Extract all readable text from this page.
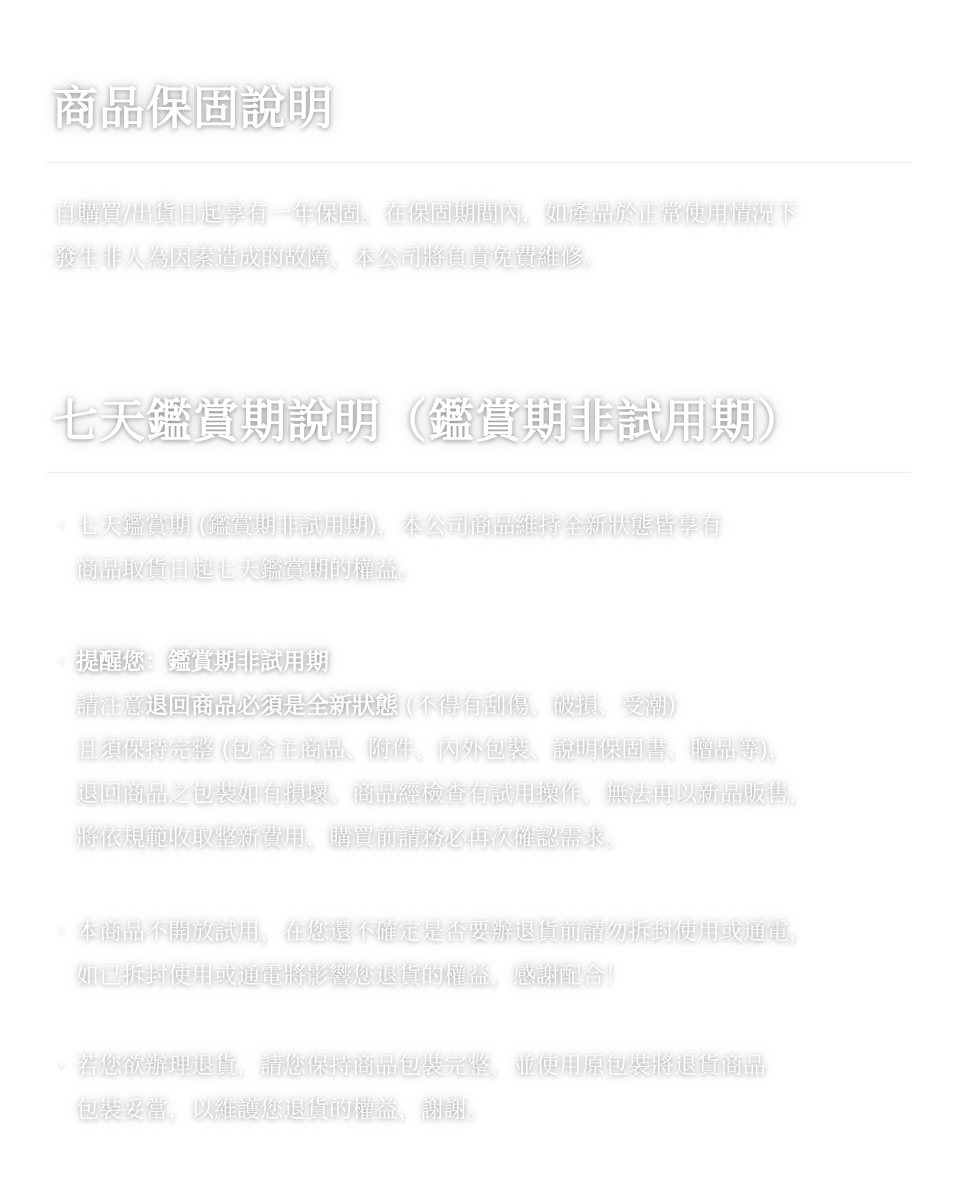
商品保固說明

自購買/出貨日起享有一年保固。在保固期間內，如產品於正常使用情況下

發生非人為因素造成的故障，本公司將負責免費維修。

七天鑑賞期說明（鑑賞期非試用期）
· 七天鑑賞期 (鑑賞期非試用期)，本公司商品維持全新狀態皆享有
商品取貨日起七天鑑賞期的權益。
· 提醒您：鑑賞期非試用期
請注意退回商品必須是全新狀態 (不得有刮傷、破損、受潮)
且須保持完整 (包含主商品、附件、內外包裝、說明保固書、贈品等)，
退回商品之包裝如有損壞、商品經檢查有試用操作，無法再以新品販售，
將依規範收取整新費用，購買前請務必再次確認需求。
· 本商品不開放試用，在您還不確定是否要辦退貨前請勿拆封使用或通電，
如已拆封使用或通電將影響您退貨的權益，感謝配合！
· 若您欲辦理退貨，請您保持商品包裝完整，並使用原包裝將退貨商品
包裝妥當，以維護您退貨的權益，謝謝。
